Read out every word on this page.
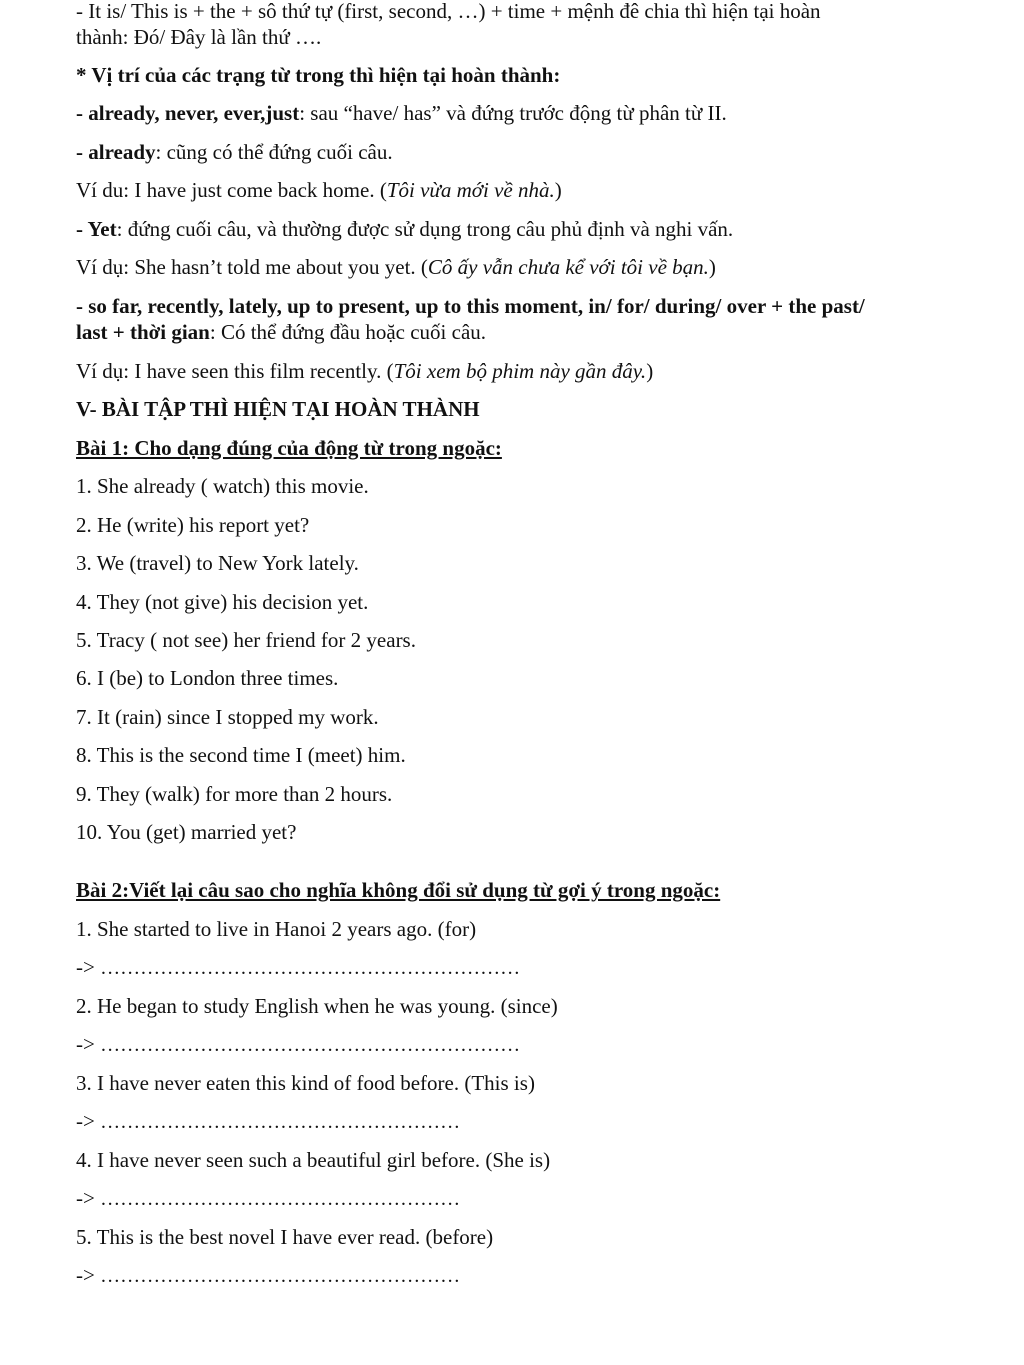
- It is/ This is + the + sô thứ tự (first, second, …) + time + mệnh đê chia thì hiện tại hoàn
thành: Đó/ Đây là lần thứ ….
* Vị trí của các trạng từ trong thì hiện tại hoàn thành:
- already, never, ever,just: sau “have/ has” và đứng trước động từ phân từ II.
- already: cũng có thể đứng cuối câu.
Ví du: I have just come back home. (Tôi vừa mới về nhà.)
- Yet: đứng cuối câu, và thường được sử dụng trong câu phủ định và nghi vấn.
Ví dụ: She hasn’t told me about you yet. (Cô ấy vẫn chưa kể với tôi về bạn.)
- so far, recently, lately, up to present, up to this moment, in/ for/ during/ over + the past/
last + thời gian: Có thể đứng đầu hoặc cuối câu.
Ví dụ: I have seen this film recently. (Tôi xem bộ phim này gần đây.)
V- BÀI TẬP THÌ HIỆN TẠI HOÀN THÀNH
Bài 1: Cho dạng đúng của động từ trong ngoặc:
1. She already ( watch) this movie.
2. He (write) his report yet?
3. We (travel) to New York lately.
4. They (not give) his decision yet.
5. Tracy ( not see) her friend for 2 years.
6. I (be) to London three times.
7. It (rain) since I stopped my work.
8. This is the second time I (meet) him.
9. They (walk) for more than 2 hours.
10. You (get) married yet?
Bài 2:Viết lại câu sao cho nghĩa không đổi sử dụng từ gợi ý trong ngoặc:
1. She started to live in Hanoi 2 years ago. (for)
-> ………………………………………………………
2. He began to study English when he was young. (since)
-> ………………………………………………………
3. I have never eaten this kind of food before. (This is)
-> ………………………………………………
4. I have never seen such a beautiful girl before. (She is)
-> ………………………………………………
5. This is the best novel I have ever read. (before)
-> ………………………………………………
